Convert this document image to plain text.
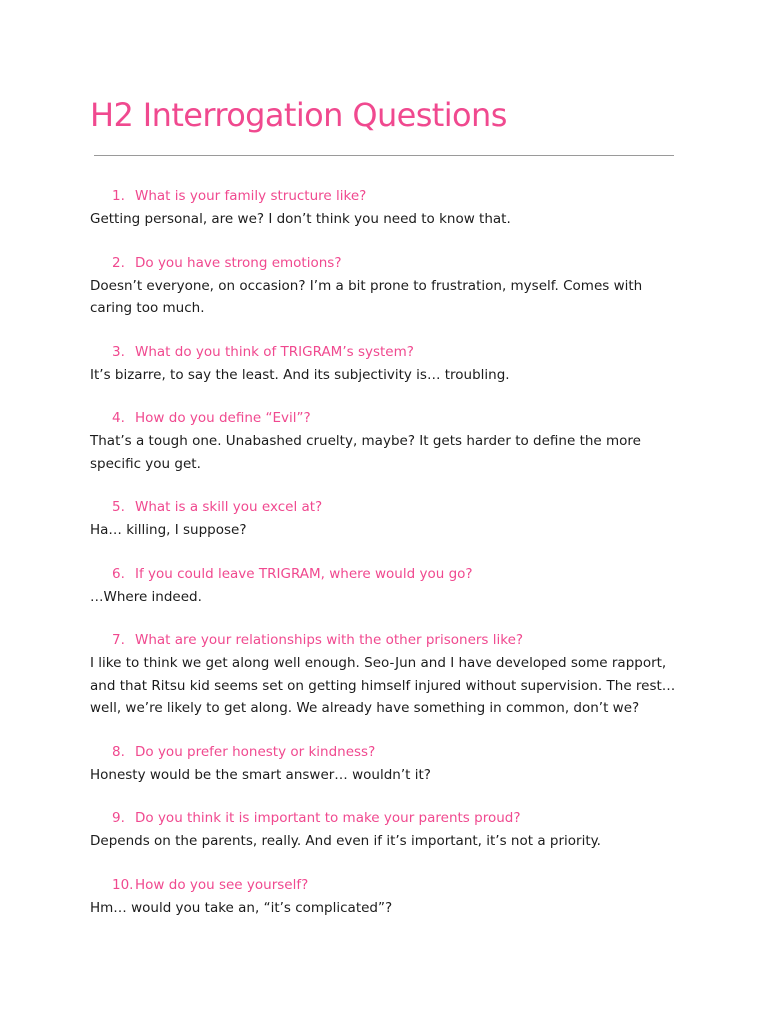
H2 Interrogation Questions

1. What is your family structure like?

Getting personal, are we? I don’t think you need to know that.

2. Do you have strong emotions?

Doesn’t everyone, on occasion? I’m a bit prone to frustration, myself. Comes with caring too much.

3. What do you think of TRIGRAM’s system?

It’s bizarre, to say the least. And its subjectivity is… troubling.

4. How do you define “Evil”?

That’s a tough one. Unabashed cruelty, maybe? It gets harder to define the more specific you get.

5. What is a skill you excel at?

Ha… killing, I suppose?

6. If you could leave TRIGRAM, where would you go?

…Where indeed.

7. What are your relationships with the other prisoners like?

I like to think we get along well enough. Seo-Jun and I have developed some rapport, and that Ritsu kid seems set on getting himself injured without supervision. The rest… well, we’re likely to get along. We already have something in common, don’t we?

8. Do you prefer honesty or kindness?

Honesty would be the smart answer… wouldn’t it?

9. Do you think it is important to make your parents proud?

Depends on the parents, really. And even if it’s important, it’s not a priority.

10. How do you see yourself?

Hm… would you take an, “it’s complicated”?
